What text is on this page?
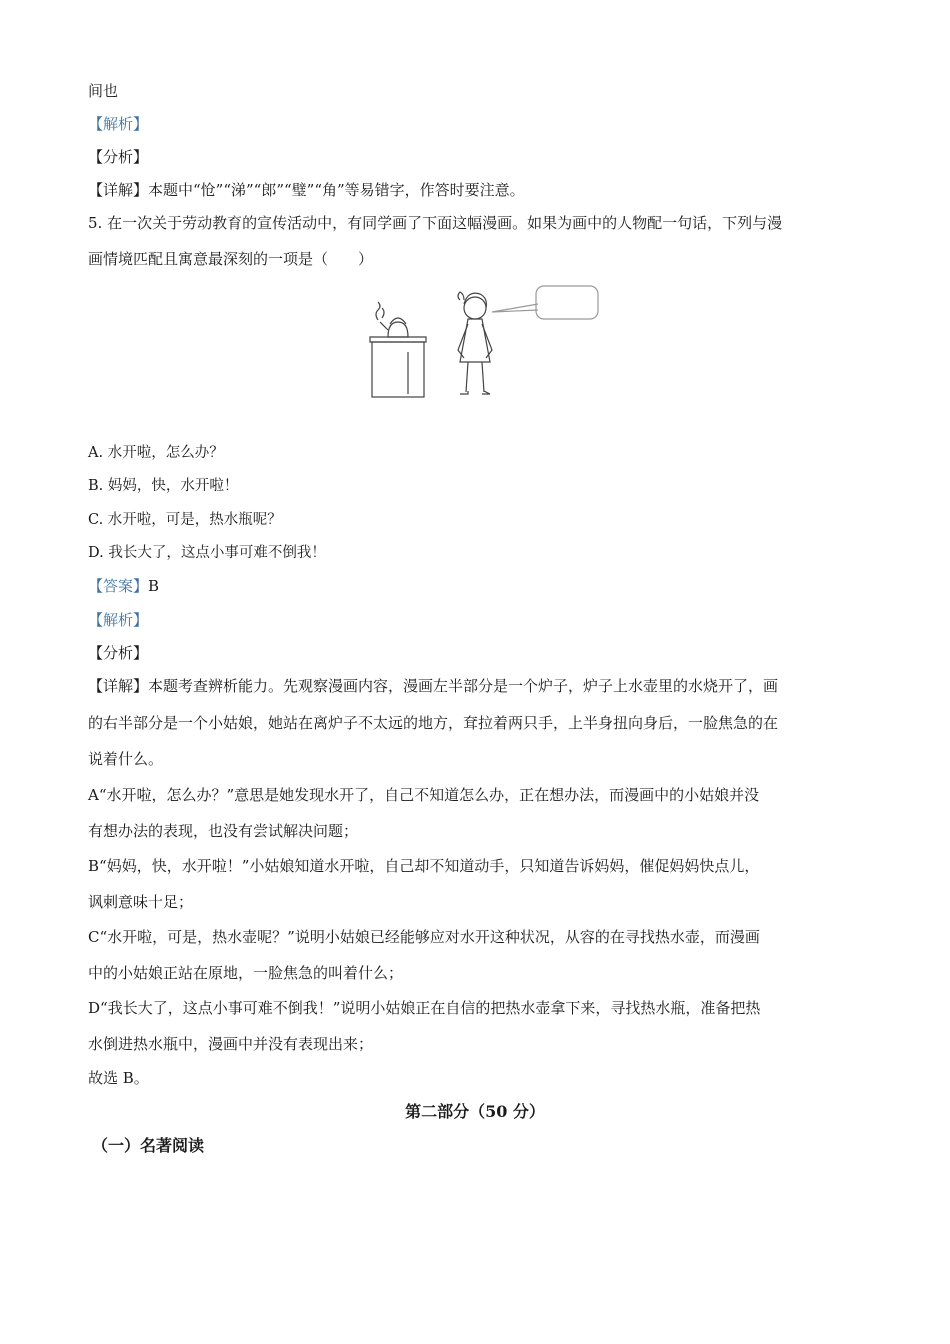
间也
【解析】
【分析】
【详解】本题中“怆”“涕”“郎”“璧”“角”等易错字，作答时要注意。
5. 在一次关于劳动教育的宣传活动中，有同学画了下面这幅漫画。如果为画中的人物配一句话，下列与漫
画情境匹配且寓意最深刻的一项是（　　）
A. 水开啦，怎么办？
B. 妈妈，快，水开啦！
C. 水开啦，可是，热水瓶呢？
D. 我长大了，这点小事可难不倒我！
【答案】B
【解析】
【分析】
【详解】本题考查辨析能力。先观察漫画内容，漫画左半部分是一个炉子，炉子上水壶里的水烧开了，画
的右半部分是一个小姑娘，她站在离炉子不太远的地方，耷拉着两只手，上半身扭向身后，一脸焦急的在
说着什么。
A“水开啦，怎么办？”意思是她发现水开了，自己不知道怎么办，正在想办法，而漫画中的小姑娘并没
有想办法的表现，也没有尝试解决问题；
B“妈妈，快，水开啦！”小姑娘知道水开啦，自己却不知道动手，只知道告诉妈妈，催促妈妈快点儿，
讽刺意味十足；
C“水开啦，可是，热水壶呢？”说明小姑娘已经能够应对水开这种状况，从容的在寻找热水壶，而漫画
中的小姑娘正站在原地，一脸焦急的叫着什么；
D“我长大了，这点小事可难不倒我！”说明小姑娘正在自信的把热水壶拿下来，寻找热水瓶，准备把热
水倒进热水瓶中，漫画中并没有表现出来；
故选 B。
第二部分（50 分）
（一）名著阅读
